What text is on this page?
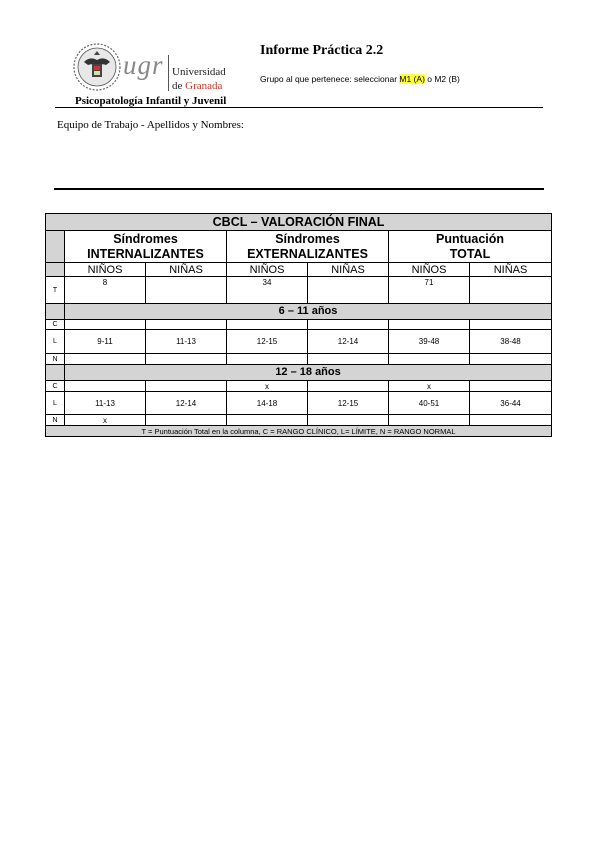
ugr Universidad
de Granada
Psicopatología Infantil y Juvenil
Informe Práctica 2.2
Grupo al que pertenece: seleccionar M1 (A) o M2 (B)
Equipo de Trabajo - Apellidos y Nombres:
CBCL – VALORACIÓN FINAL						
	Síndromes
INTERNALIZANTES		Síndromes
EXTERNALIZANTES		Puntuación
TOTAL	
	NIÑOS	NIÑAS	NIÑOS	NIÑAS	NIÑOS	NIÑAS
T	8		34		71	
	6 – 11 años					
C						
L	9-11	11-13	12-15	12-14	39-48	38-48
N						
	12 – 18 años					
C			x		x	
L	11-13	12-14	14-18	12-15	40-51	36-44
N	x					
T = Puntuación Total en la columna, C = RANGO CLÍNICO, L= LÍMITE, N = RANGO NORMAL						
